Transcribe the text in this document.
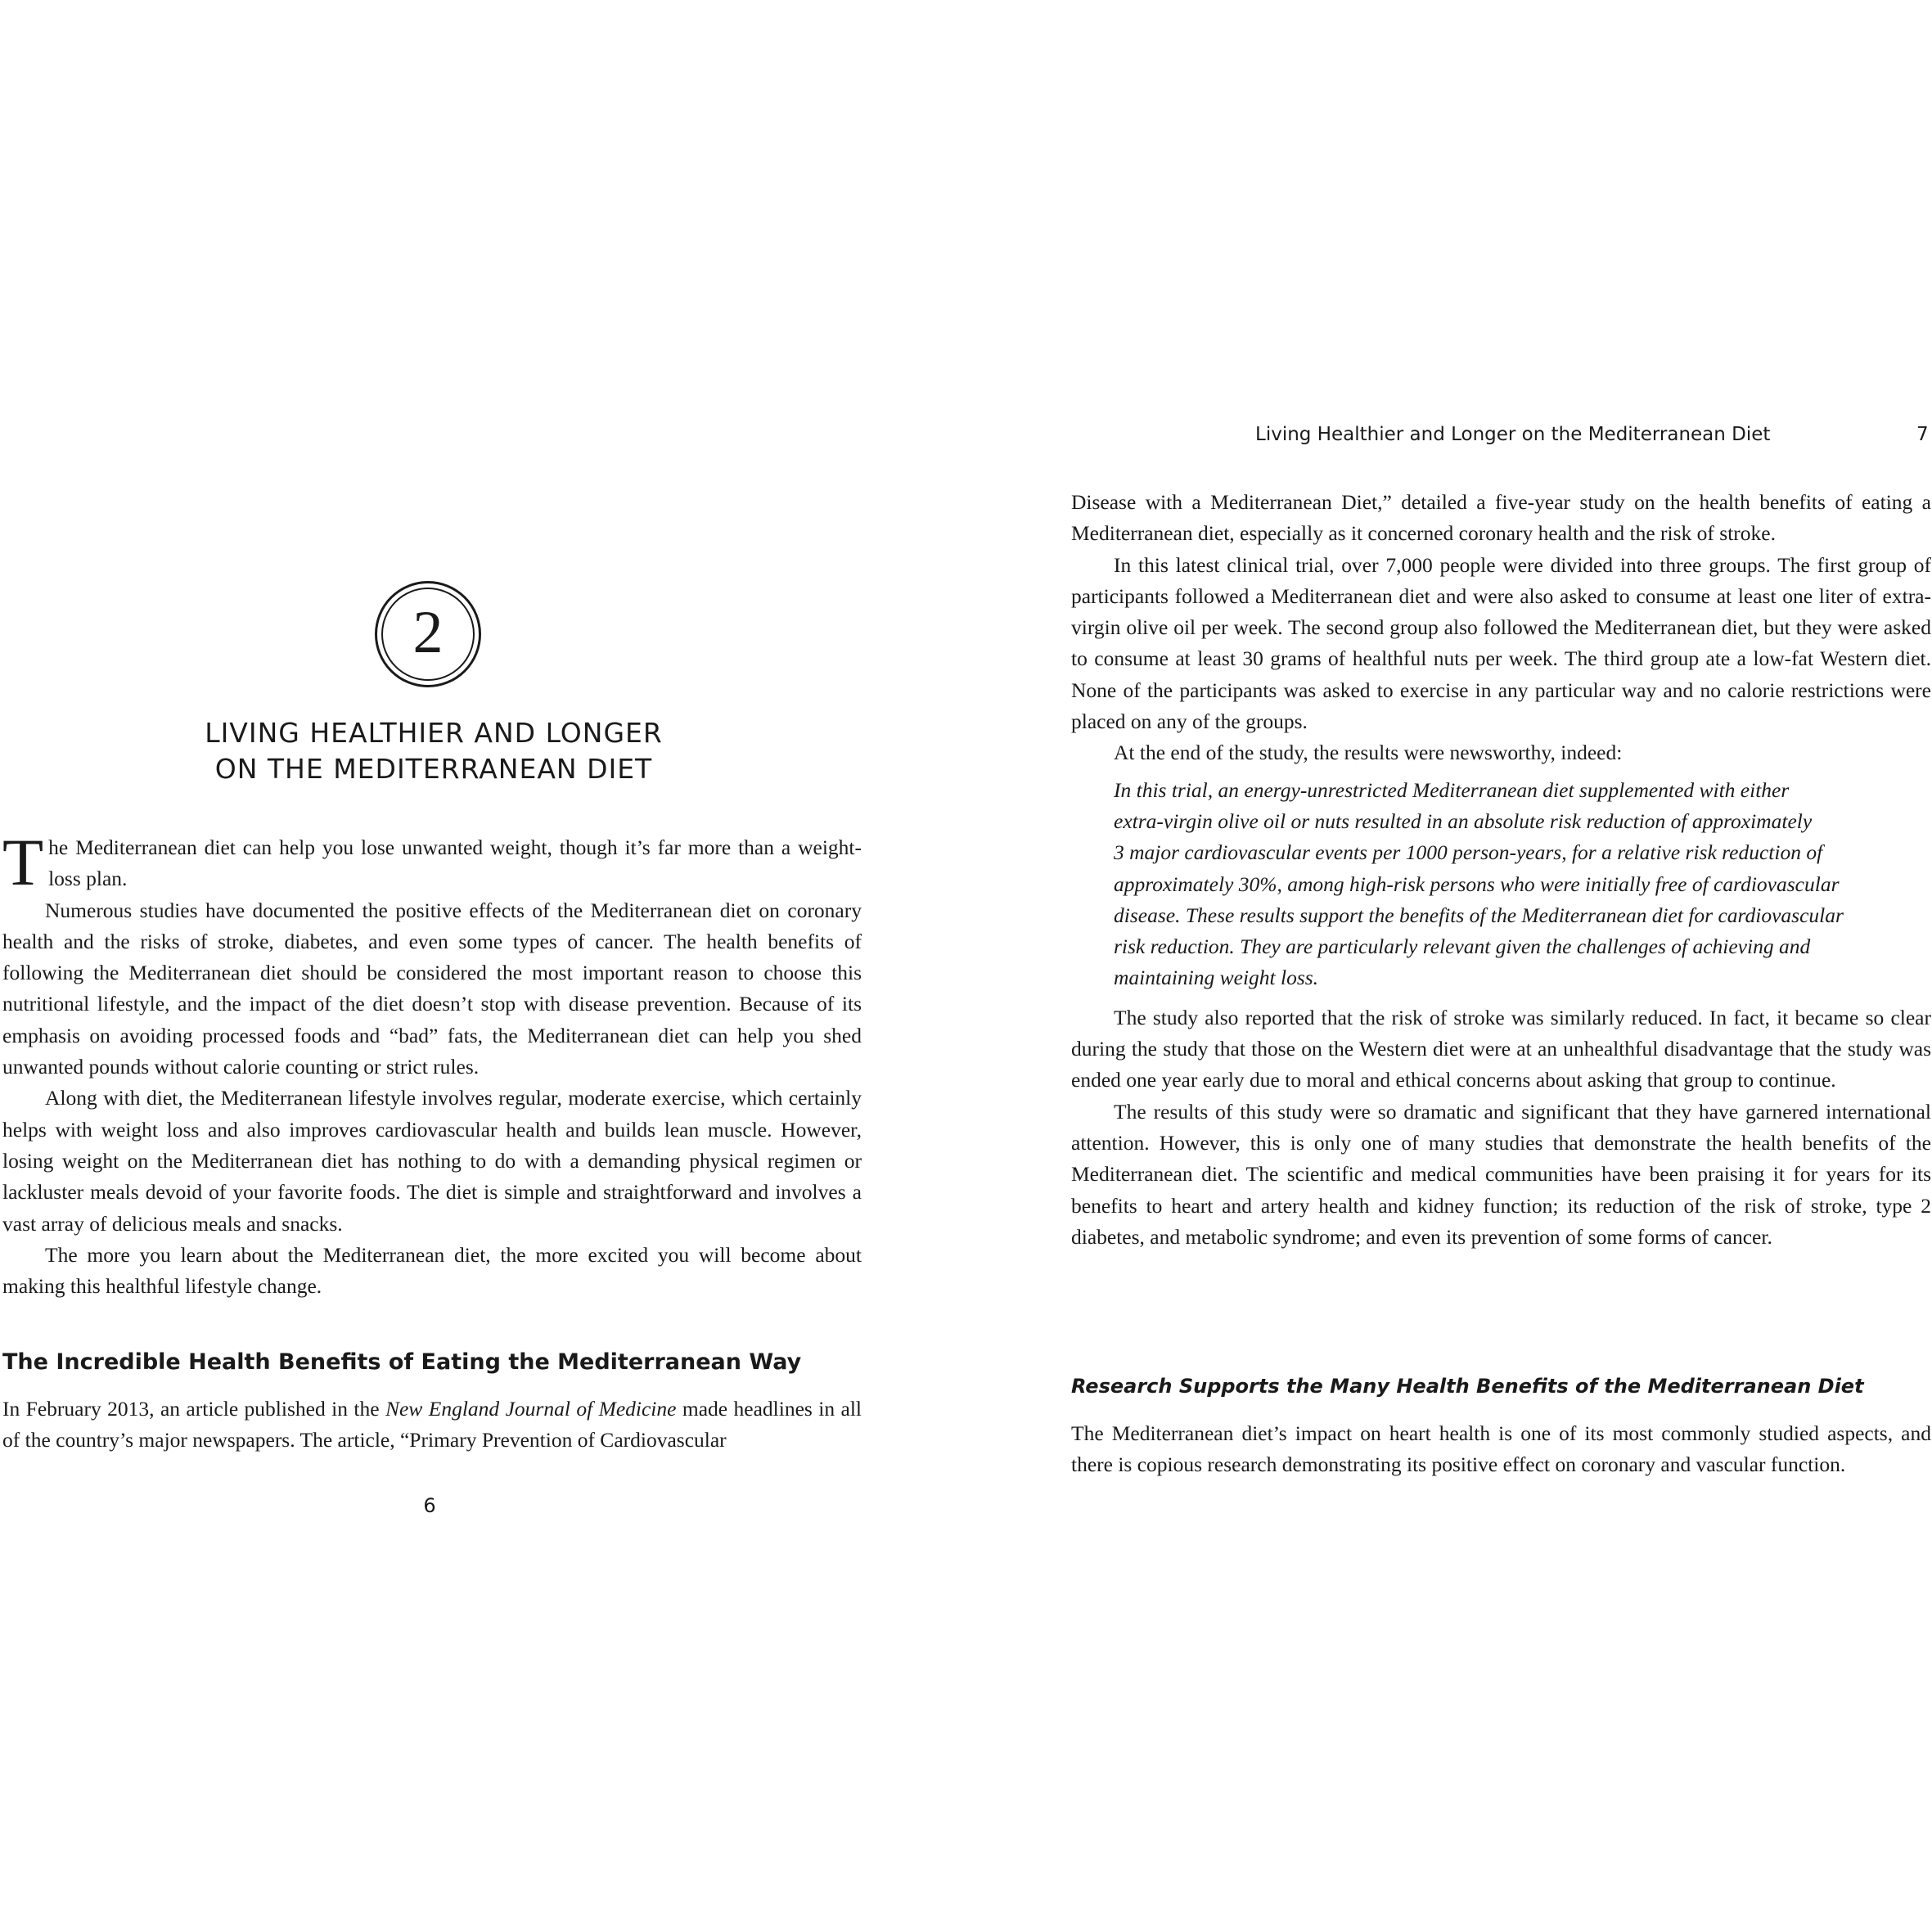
2
LIVING HEALTHIER AND LONGER
ON THE MEDITERRANEAN DIET

The Mediterranean diet can help you lose unwanted weight, though it’s far more than a weight-loss plan.

Numerous studies have documented the positive effects of the Mediterranean diet on coronary health and the risks of stroke, diabetes, and even some types of cancer. The health benefits of following the Mediterranean diet should be considered the most important reason to choose this nutritional lifestyle, and the impact of the diet doesn’t stop with disease prevention. Because of its emphasis on avoiding processed foods and “bad” fats, the Mediterranean diet can help you shed unwanted pounds without calorie counting or strict rules.

Along with diet, the Mediterranean lifestyle involves regular, moderate exercise, which certainly helps with weight loss and also improves cardiovascular health and builds lean muscle. However, losing weight on the Mediterranean diet has nothing to do with a demanding physical regimen or lackluster meals devoid of your favorite foods. The diet is simple and straightforward and involves a vast array of delicious meals and snacks.

The more you learn about the Mediterranean diet, the more excited you will become about making this healthful lifestyle change.

The Incredible Health Benefits of Eating the Mediterranean Way

In February 2013, an article published in the New England Journal of Medicine made headlines in all of the country’s major newspapers. The article, “Primary Prevention of Cardiovascular

6
Living Healthier and Longer on the Mediterranean Diet	7

Disease with a Mediterranean Diet,” detailed a five-year study on the health benefits of eating a Mediterranean diet, especially as it concerned coronary health and the risk of stroke.

In this latest clinical trial, over 7,000 people were divided into three groups. The first group of participants followed a Mediterranean diet and were also asked to consume at least one liter of extra-virgin olive oil per week. The second group also followed the Mediterranean diet, but they were asked to consume at least 30 grams of healthful nuts per week. The third group ate a low-fat Western diet. None of the participants was asked to exercise in any particular way and no calorie restrictions were placed on any of the groups.

At the end of the study, the results were newsworthy, indeed:

In this trial, an energy-unrestricted Mediterranean diet supplemented with either
extra-virgin olive oil or nuts resulted in an absolute risk reduction of approximately
3 major cardiovascular events per 1000 person-years, for a relative risk reduction of
approximately 30%, among high-risk persons who were initially free of cardiovascular
disease. These results support the benefits of the Mediterranean diet for cardiovascular
risk reduction. They are particularly relevant given the challenges of achieving and
maintaining weight loss.

The study also reported that the risk of stroke was similarly reduced. In fact, it became so clear during the study that those on the Western diet were at an unhealthful disadvantage that the study was ended one year early due to moral and ethical concerns about asking that group to continue.

The results of this study were so dramatic and significant that they have garnered international attention. However, this is only one of many studies that demonstrate the health benefits of the Mediterranean diet. The scientific and medical communities have been praising it for years for its benefits to heart and artery health and kidney function; its reduction of the risk of stroke, type 2 diabetes, and metabolic syndrome; and even its prevention of some forms of cancer.

Research Supports the Many Health Benefits of the Mediterranean Diet

The Mediterranean diet’s impact on heart health is one of its most commonly studied aspects, and there is copious research demonstrating its positive effect on coronary and vascular function.
